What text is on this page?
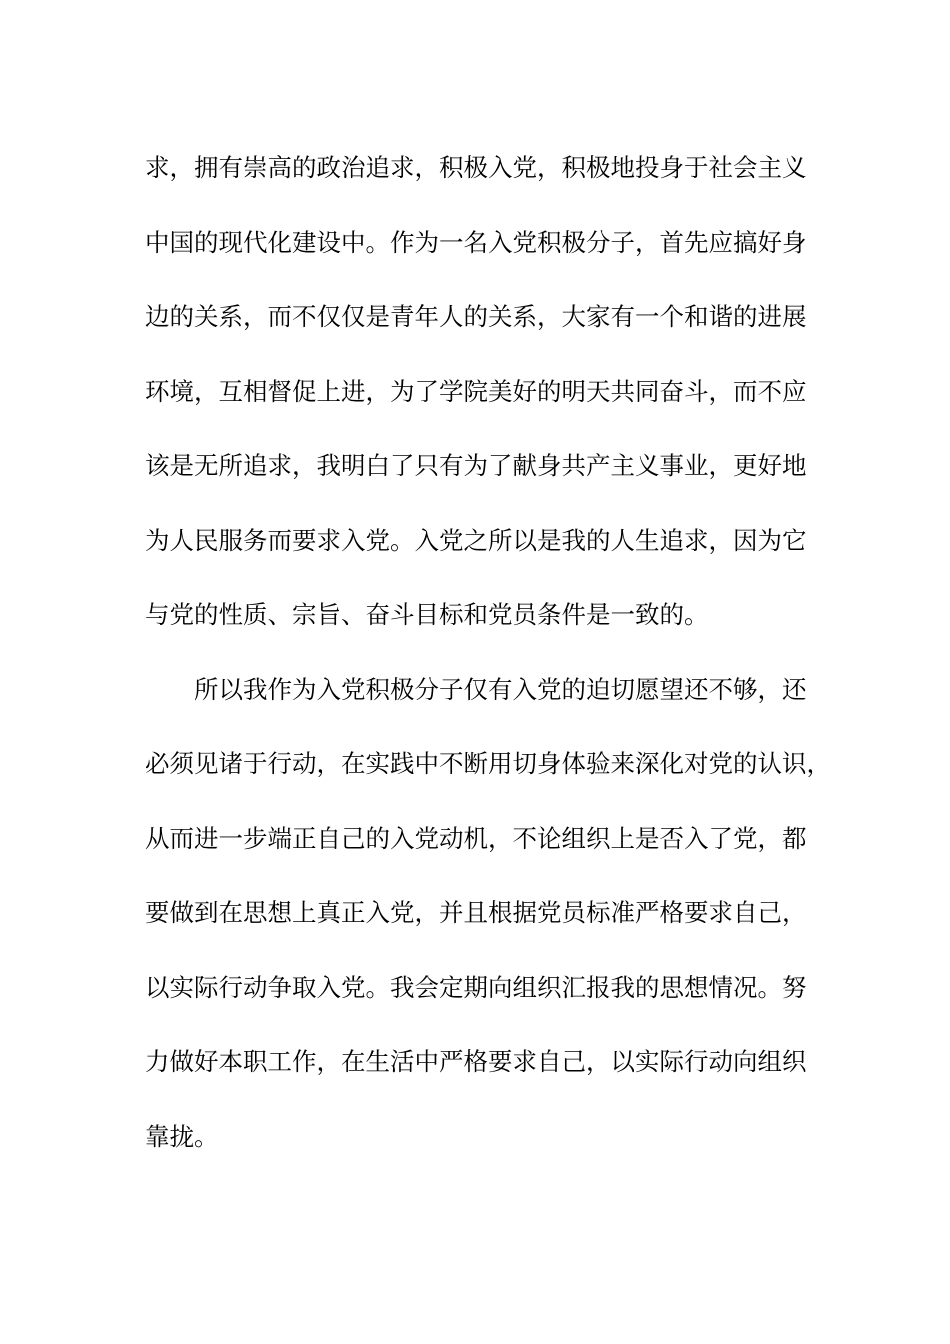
求，拥有崇高的政治追求，积极入党，积极地投身于社会主义
中国的现代化建设中。作为一名入党积极分子，首先应搞好身
边的关系，而不仅仅是青年人的关系，大家有一个和谐的进展
环境，互相督促上进，为了学院美好的明天共同奋斗，而不应
该是无所追求，我明白了只有为了献身共产主义事业，更好地
为人民服务而要求入党。入党之所以是我的人生追求，因为它
与党的性质、宗旨、奋斗目标和党员条件是一致的。
　　所以我作为入党积极分子仅有入党的迫切愿望还不够，还
必须见诸于行动，在实践中不断用切身体验来深化对党的认识，
从而进一步端正自己的入党动机，不论组织上是否入了党，都
要做到在思想上真正入党，并且根据党员标准严格要求自己，
以实际行动争取入党。我会定期向组织汇报我的思想情况。努
力做好本职工作，在生活中严格要求自己，以实际行动向组织
靠拢。
